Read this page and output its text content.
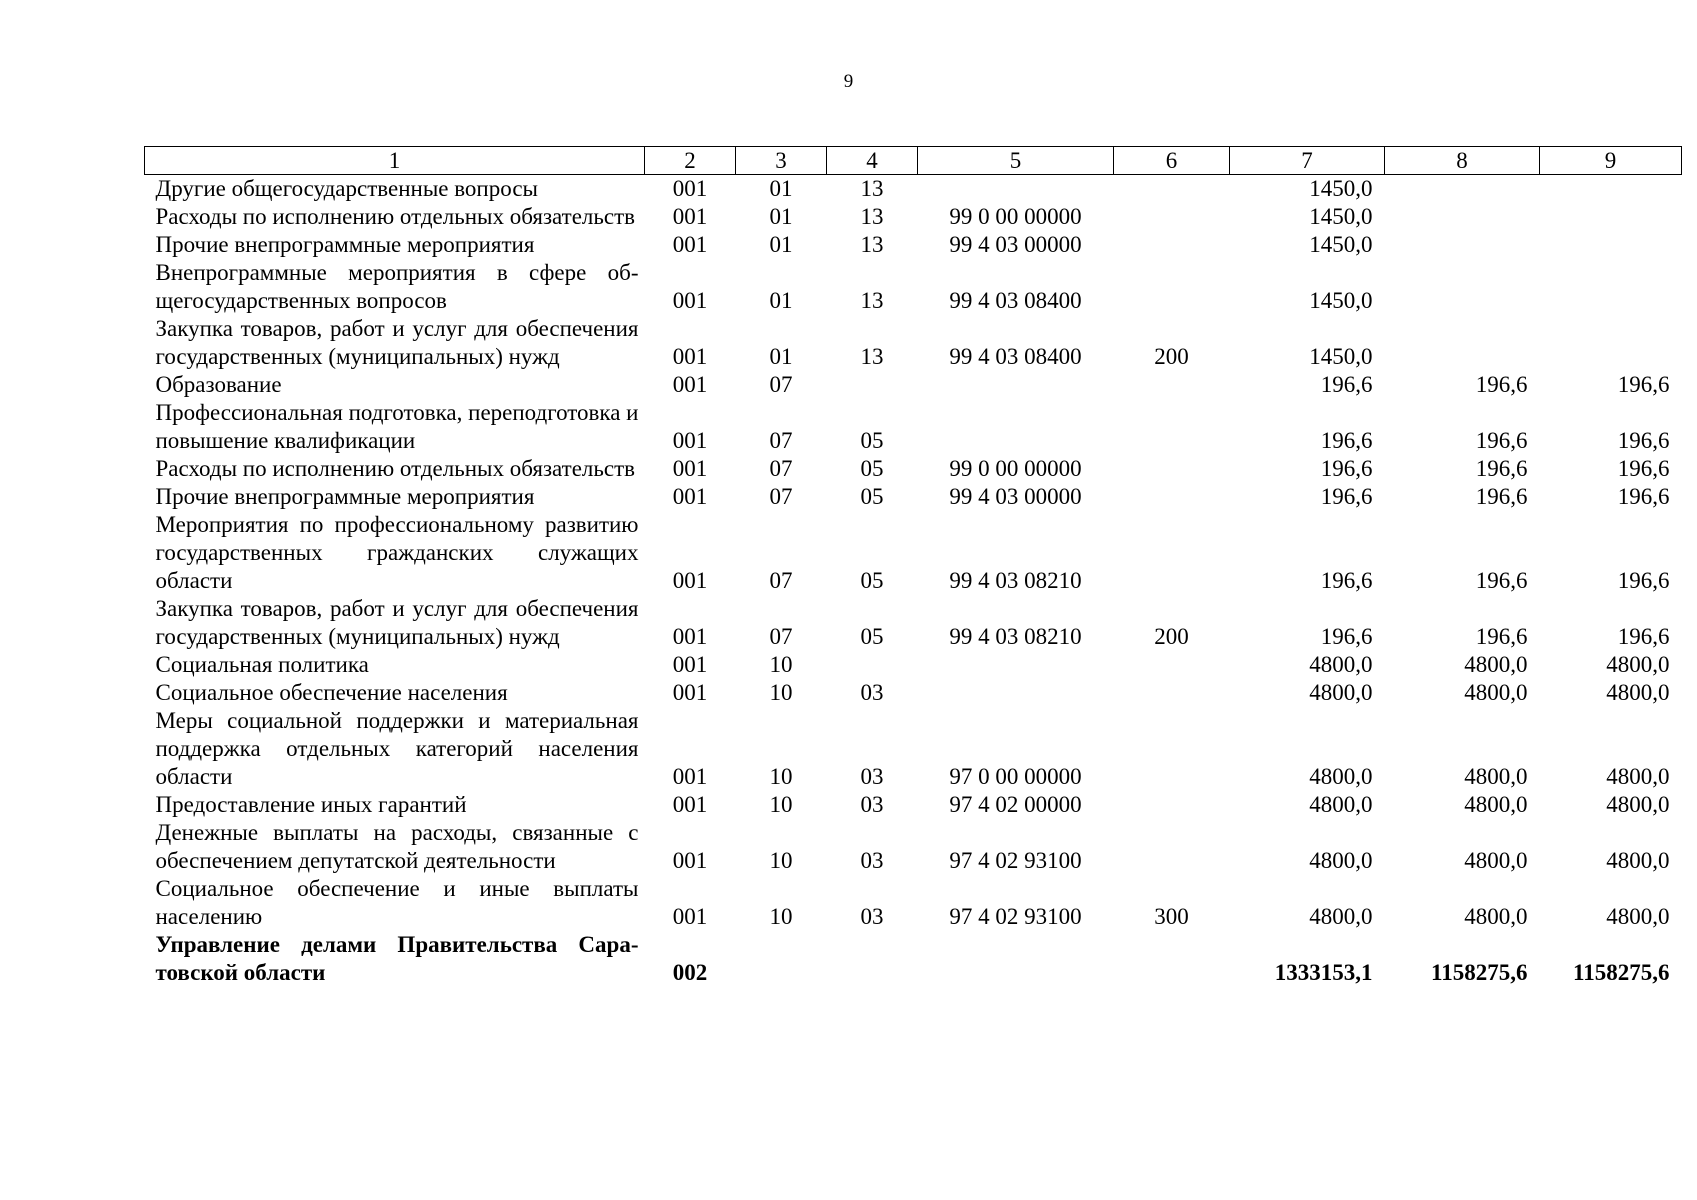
9
1	2	3	4	5	6	7	8	9
Другие общегосударственные вопросы	001	01	13			1450,0		
Расходы по исполнению отдельных обязательств	001	01	13	99 0 00 00000		1450,0		
Прочие внепрограммные мероприятия	001	01	13	99 4 03 00000		1450,0		
Внепрограммные мероприятия в сфере общегосударственных вопросов	001	01	13	99 4 03 08400		1450,0		
Закупка товаров, работ и услуг для обеспечения государственных (муниципальных) нужд	001	01	13	99 4 03 08400	200	1450,0		
Образование	001	07				196,6	196,6	196,6
Профессиональная подготовка, переподготовка и повышение квалификации	001	07	05			196,6	196,6	196,6
Расходы по исполнению отдельных обязательств	001	07	05	99 0 00 00000		196,6	196,6	196,6
Прочие внепрограммные мероприятия	001	07	05	99 4 03 00000		196,6	196,6	196,6
Мероприятия по профессиональному развитию государственных гражданских служащих области	001	07	05	99 4 03 08210		196,6	196,6	196,6
Закупка товаров, работ и услуг для обеспечения государственных (муниципальных) нужд	001	07	05	99 4 03 08210	200	196,6	196,6	196,6
Социальная политика	001	10				4800,0	4800,0	4800,0
Социальное обеспечение населения	001	10	03			4800,0	4800,0	4800,0
Меры социальной поддержки и материальная поддержка отдельных категорий населения области	001	10	03	97 0 00 00000		4800,0	4800,0	4800,0
Предоставление иных гарантий	001	10	03	97 4 02 00000		4800,0	4800,0	4800,0
Денежные выплаты на расходы, связанные с обеспечением депутатской деятельности	001	10	03	97 4 02 93100		4800,0	4800,0	4800,0
Социальное обеспечение и иные выплаты населению	001	10	03	97 4 02 93100	300	4800,0	4800,0	4800,0
Управление делами Правительства Саратовской области	002					1333153,1	1158275,6	1158275,6
